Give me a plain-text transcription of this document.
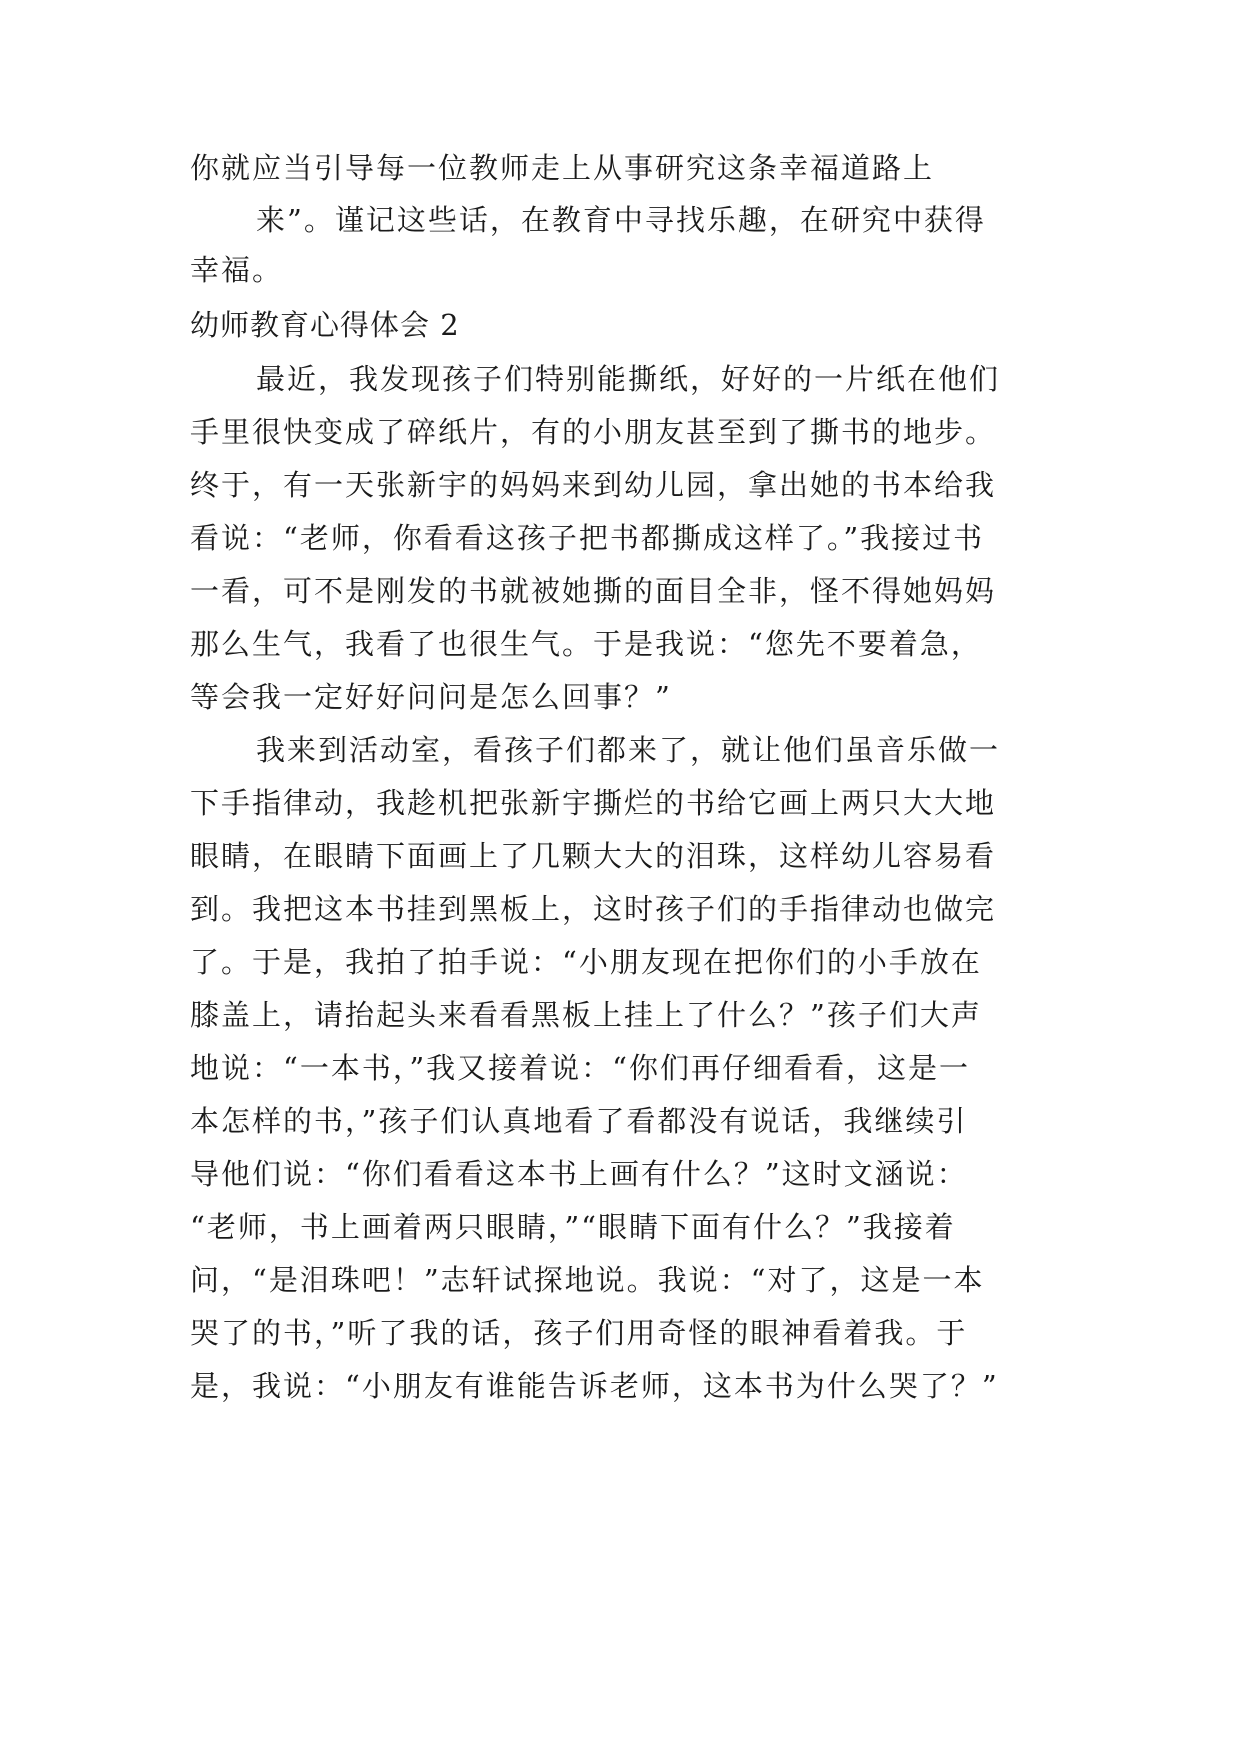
你就应当引导每一位教师走上从事研究这条幸福道路上
来”。谨记这些话，在教育中寻找乐趣，在研究中获得
幸福。
幼师教育心得体会 2
最近，我发现孩子们特别能撕纸，好好的一片纸在他们
手里很快变成了碎纸片，有的小朋友甚至到了撕书的地步。
终于，有一天张新宇的妈妈来到幼儿园，拿出她的书本给我
看说：“老师，你看看这孩子把书都撕成这样了。”我接过书
一看，可不是刚发的书就被她撕的面目全非，怪不得她妈妈
那么生气，我看了也很生气。于是我说：“您先不要着急，
等会我一定好好问问是怎么回事？”
我来到活动室，看孩子们都来了，就让他们虽音乐做一
下手指律动，我趁机把张新宇撕烂的书给它画上两只大大地
眼睛，在眼睛下面画上了几颗大大的泪珠，这样幼儿容易看
到。我把这本书挂到黑板上，这时孩子们的手指律动也做完
了。于是，我拍了拍手说：“小朋友现在把你们的小手放在
膝盖上，请抬起头来看看黑板上挂上了什么？”孩子们大声
地说：“一本书，”我又接着说：“你们再仔细看看，这是一
本怎样的书，”孩子们认真地看了看都没有说话，我继续引
导他们说：“你们看看这本书上画有什么？”这时文涵说：
“老师，书上画着两只眼睛，”“眼睛下面有什么？”我接着
问，“是泪珠吧！”志轩试探地说。我说：“对了，这是一本
哭了的书，”听了我的话，孩子们用奇怪的眼神看着我。于
是，我说：“小朋友有谁能告诉老师，这本书为什么哭了？”
